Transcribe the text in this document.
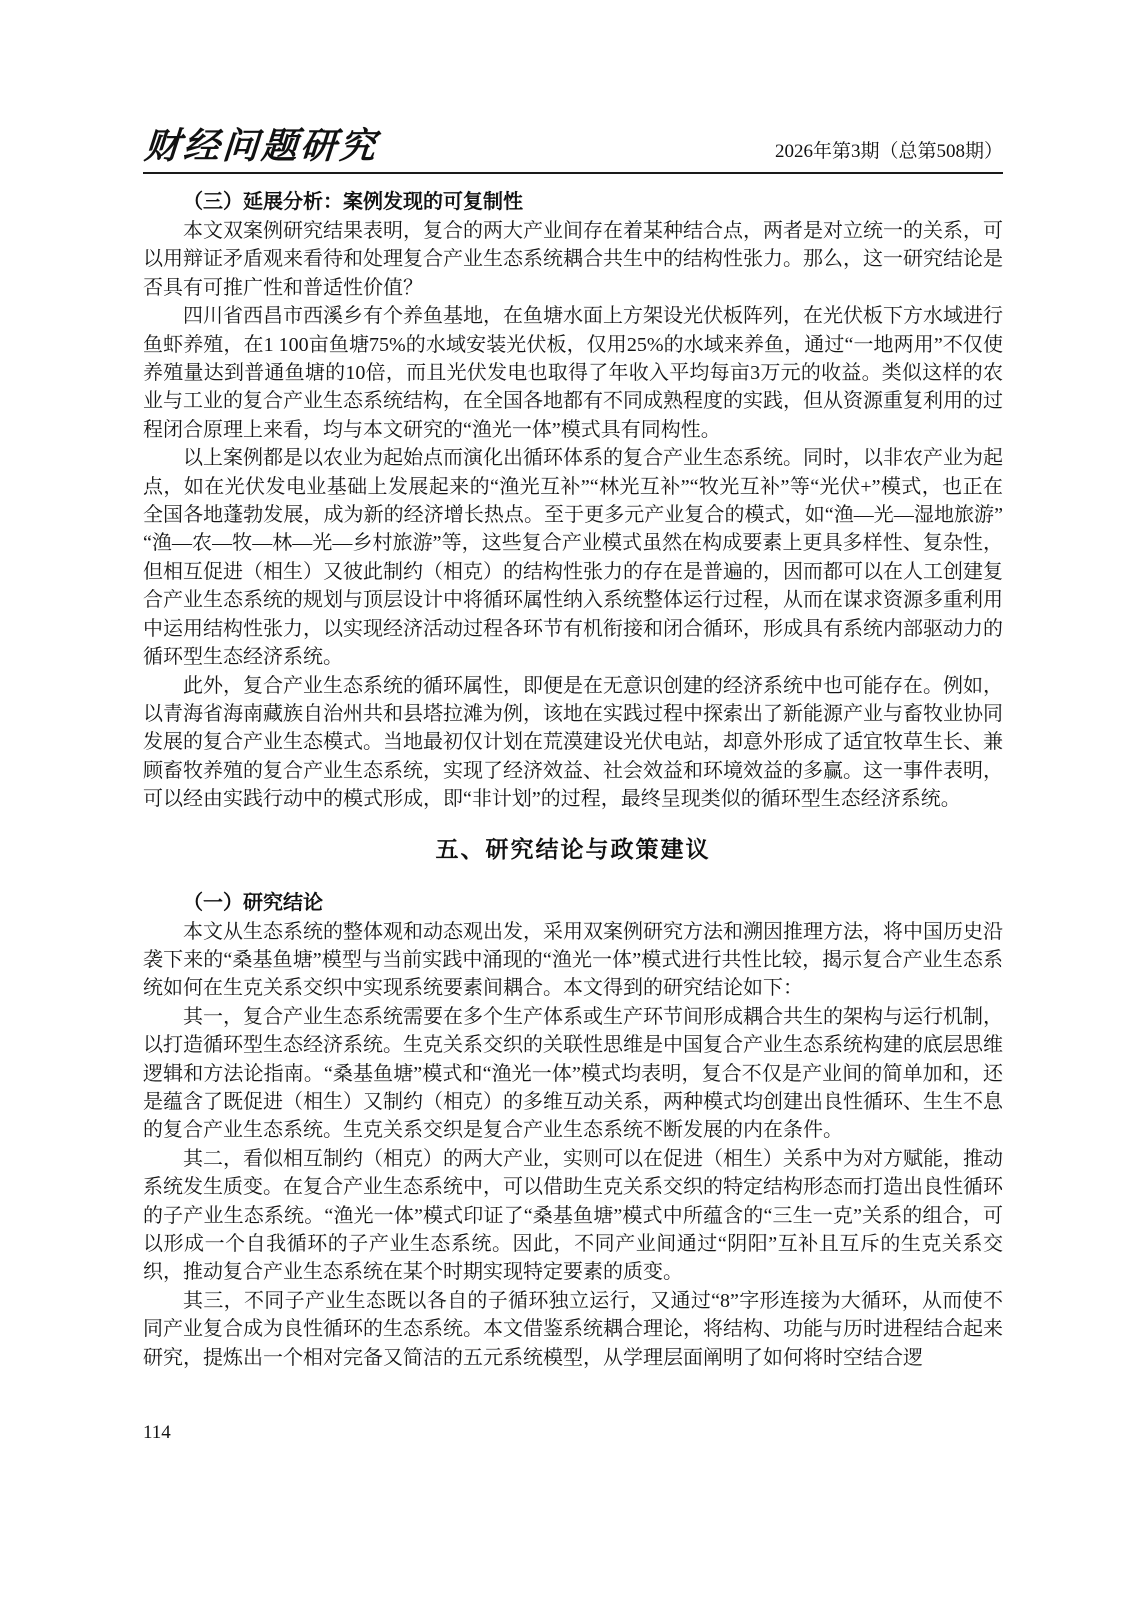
财经问题研究	2026年第3期（总第508期）
（三）延展分析：案例发现的可复制性

本文双案例研究结果表明，复合的两大产业间存在着某种结合点，两者是对立统一的关系，可以用辩证矛盾观来看待和处理复合产业生态系统耦合共生中的结构性张力。那么，这一研究结论是否具有可推广性和普适性价值？

四川省西昌市西溪乡有个养鱼基地，在鱼塘水面上方架设光伏板阵列，在光伏板下方水域进行鱼虾养殖，在1 100亩鱼塘75%的水域安装光伏板，仅用25%的水域来养鱼，通过“一地两用”不仅使养殖量达到普通鱼塘的10倍，而且光伏发电也取得了年收入平均每亩3万元的收益。类似这样的农业与工业的复合产业生态系统结构，在全国各地都有不同成熟程度的实践，但从资源重复利用的过程闭合原理上来看，均与本文研究的“渔光一体”模式具有同构性。

以上案例都是以农业为起始点而演化出循环体系的复合产业生态系统。同时，以非农产业为起点，如在光伏发电业基础上发展起来的“渔光互补”“林光互补”“牧光互补”等“光伏+”模式，也正在全国各地蓬勃发展，成为新的经济增长热点。至于更多元产业复合的模式，如“渔—光—湿地旅游”“渔—农—牧—林—光—乡村旅游”等，这些复合产业模式虽然在构成要素上更具多样性、复杂性，但相互促进（相生）又彼此制约（相克）的结构性张力的存在是普遍的，因而都可以在人工创建复合产业生态系统的规划与顶层设计中将循环属性纳入系统整体运行过程，从而在谋求资源多重利用中运用结构性张力，以实现经济活动过程各环节有机衔接和闭合循环，形成具有系统内部驱动力的循环型生态经济系统。

此外，复合产业生态系统的循环属性，即便是在无意识创建的经济系统中也可能存在。例如，以青海省海南藏族自治州共和县塔拉滩为例，该地在实践过程中探索出了新能源产业与畜牧业协同发展的复合产业生态模式。当地最初仅计划在荒漠建设光伏电站，却意外形成了适宜牧草生长、兼顾畜牧养殖的复合产业生态系统，实现了经济效益、社会效益和环境效益的多赢。这一事件表明，可以经由实践行动中的模式形成，即“非计划”的过程，最终呈现类似的循环型生态经济系统。

五、研究结论与政策建议
（一）研究结论

本文从生态系统的整体观和动态观出发，采用双案例研究方法和溯因推理方法，将中国历史沿袭下来的“桑基鱼塘”模型与当前实践中涌现的“渔光一体”模式进行共性比较，揭示复合产业生态系统如何在生克关系交织中实现系统要素间耦合。本文得到的研究结论如下：

其一，复合产业生态系统需要在多个生产体系或生产环节间形成耦合共生的架构与运行机制，以打造循环型生态经济系统。生克关系交织的关联性思维是中国复合产业生态系统构建的底层思维逻辑和方法论指南。“桑基鱼塘”模式和“渔光一体”模式均表明，复合不仅是产业间的简单加和，还是蕴含了既促进（相生）又制约（相克）的多维互动关系，两种模式均创建出良性循环、生生不息的复合产业生态系统。生克关系交织是复合产业生态系统不断发展的内在条件。

其二，看似相互制约（相克）的两大产业，实则可以在促进（相生）关系中为对方赋能，推动系统发生质变。在复合产业生态系统中，可以借助生克关系交织的特定结构形态而打造出良性循环的子产业生态系统。“渔光一体”模式印证了“桑基鱼塘”模式中所蕴含的“三生一克”关系的组合，可以形成一个自我循环的子产业生态系统。因此，不同产业间通过“阴阳”互补且互斥的生克关系交织，推动复合产业生态系统在某个时期实现特定要素的质变。

其三，不同子产业生态既以各自的子循环独立运行，又通过“8”字形连接为大循环，从而使不同产业复合成为良性循环的生态系统。本文借鉴系统耦合理论，将结构、功能与历时进程结合起来研究，提炼出一个相对完备又简洁的五元系统模型，从学理层面阐明了如何将时空结合逻

114
